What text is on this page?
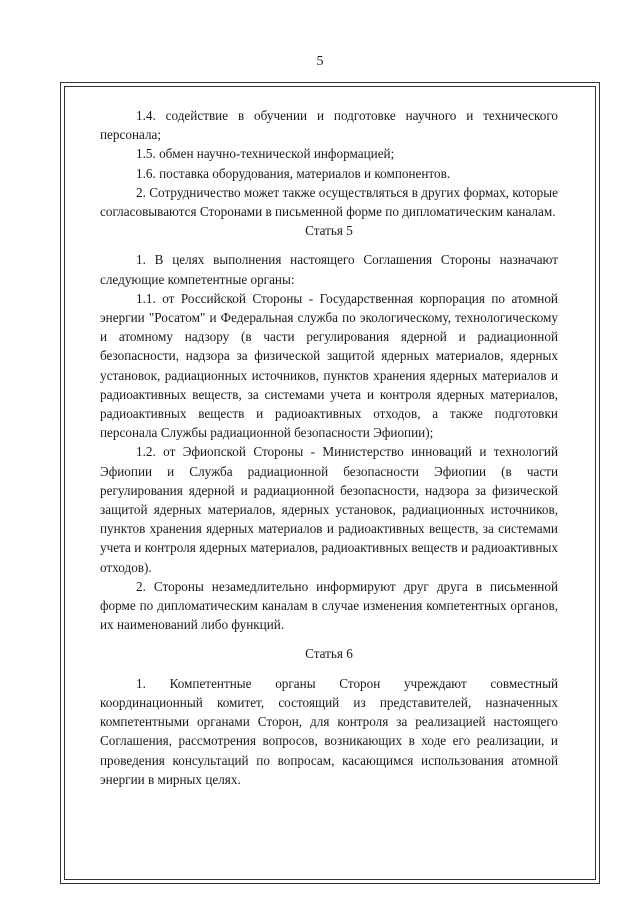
5

1.4. содействие в обучении и подготовке научного и технического персонала;

1.5. обмен научно-технической информацией;

1.6. поставка оборудования, материалов и компонентов.

2. Сотрудничество может также осуществляться в других формах, которые согласовываются Сторонами в письменной форме по дипломатическим каналам.

Статья 5

1. В целях выполнения настоящего Соглашения Стороны назначают следующие компетентные органы:

1.1. от Российской Стороны - Государственная корпорация по атомной энергии "Росатом" и Федеральная служба по экологическому, технологическому и атомному надзору (в части регулирования ядерной и радиационной безопасности, надзора за физической защитой ядерных материалов, ядерных установок, радиационных источников, пунктов хранения ядерных материалов и радиоактивных веществ, за системами учета и контроля ядерных материалов, радиоактивных веществ и радиоактивных отходов, а также подготовки персонала Службы радиационной безопасности Эфиопии);

1.2. от Эфиопской Стороны - Министерство инноваций и технологий Эфиопии и Служба радиационной безопасности Эфиопии (в части регулирования ядерной и радиационной безопасности, надзора за физической защитой ядерных материалов, ядерных установок, радиационных источников, пунктов хранения ядерных материалов и радиоактивных веществ, за системами учета и контроля ядерных материалов, радиоактивных веществ и радиоактивных отходов).

2. Стороны незамедлительно информируют друг друга в письменной форме по дипломатическим каналам в случае изменения компетентных органов, их наименований либо функций.

Статья 6

1. Компетентные органы Сторон учреждают совместный координационный комитет, состоящий из представителей, назначенных компетентными органами Сторон, для контроля за реализацией настоящего Соглашения, рассмотрения вопросов, возникающих в ходе его реализации, и проведения консультаций по вопросам, касающимся использования атомной энергии в мирных целях.
